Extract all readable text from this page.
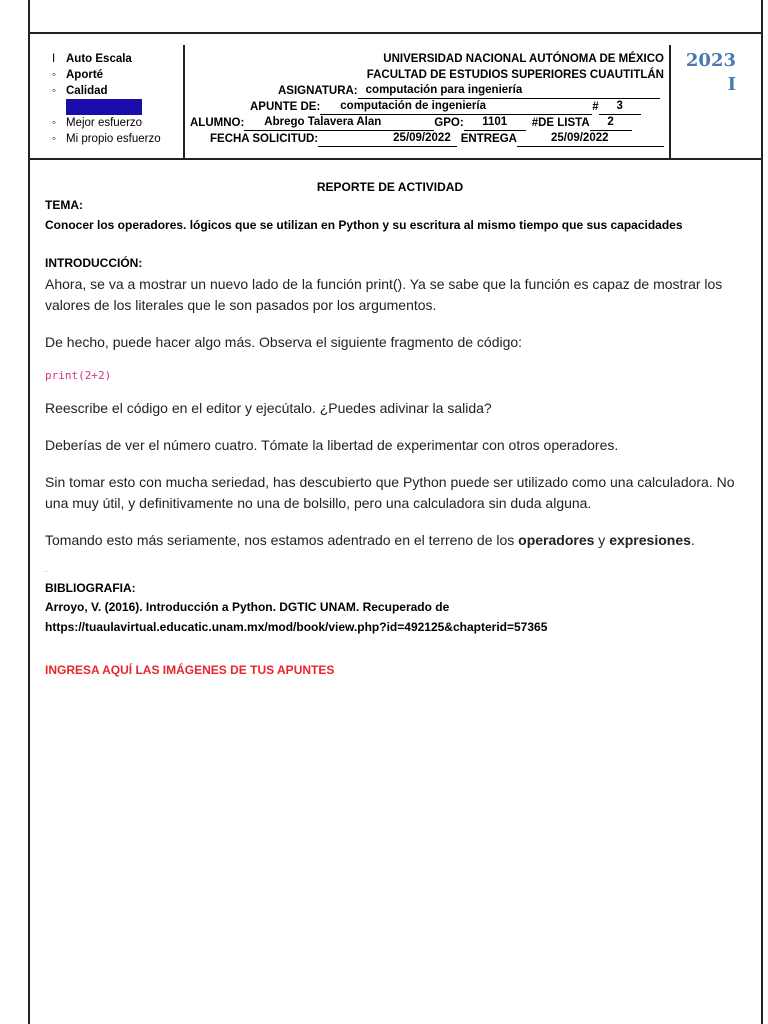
I Auto Escala
◦ Aporté
◦ Calidad
Participación
◦ Mejor esfuerzo
◦ Mi propio esfuerzo
UNIVERSIDAD NACIONAL AUTÓNOMA DE MÉXICO
FACULTAD DE ESTUDIOS SUPERIORES CUAUTITLÁN
ASIGNATURA: computación para ingeniería
APUNTE DE:	computación de ingeniería	#	3
ALUMNO:	Abrego Talavera Alan	GPO:	1101	#DE LISTA	2
FECHA SOLICITUD:	25/09/2022 ENTREGA	25/09/2022
2023
I
REPORTE DE ACTIVIDAD
TEMA:
Conocer los operadores. lógicos que se utilizan en Python y su escritura al mismo tiempo que sus capacidades
INTRODUCCIÓN:
Ahora, se va a mostrar un nuevo lado de la función print(). Ya se sabe que la función es capaz de mostrar los valores de los literales que le son pasados por los argumentos.
De hecho, puede hacer algo más. Observa el siguiente fragmento de código:
print(2+2)
Reescribe el código en el editor y ejecútalo. ¿Puedes adivinar la salida?
Deberías de ver el número cuatro. Tómate la libertad de experimentar con otros operadores.
Sin tomar esto con mucha seriedad, has descubierto que Python puede ser utilizado como una calculadora. No una muy útil, y definitivamente no una de bolsillo, pero una calculadora sin duda alguna.
Tomando esto más seriamente, nos estamos adentrado en el terreno de los operadores y expresiones.
.
BIBLIOGRAFIA:
Arroyo, V. (2016). Introducción a Python. DGTIC UNAM. Recuperado de
https://tuaulavirtual.educatic.unam.mx/mod/book/view.php?id=492125&chapterid=57365
INGRESA AQUÍ LAS IMÁGENES DE TUS APUNTES
